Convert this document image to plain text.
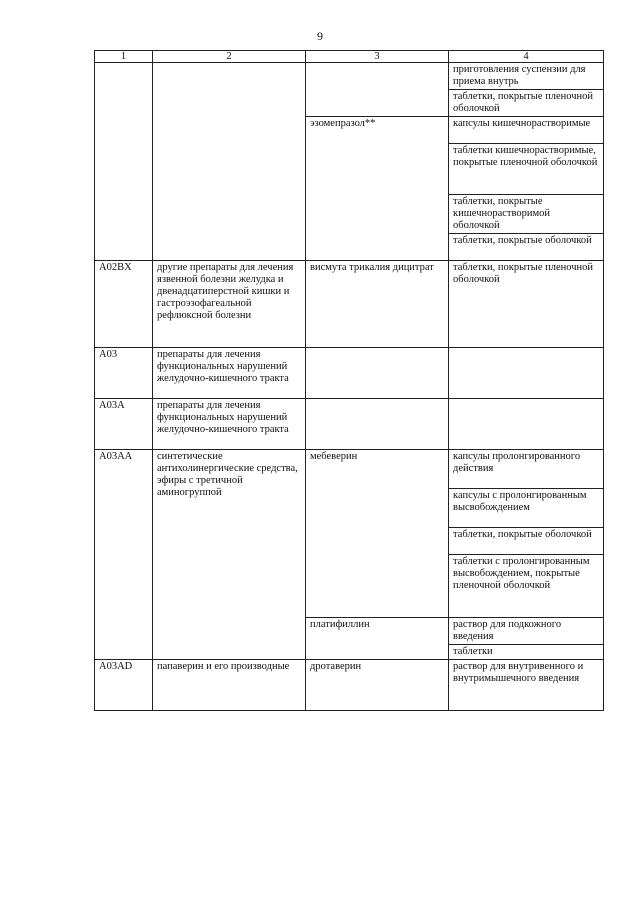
9
1	2	3	4
			приготовления суспензии для приема внутрь
			таблетки, покрытые пленочной оболочкой
		эзомепразол**	капсулы кишечнорастворимые
			таблетки кишечнорастворимые, покрытые пленочной оболочкой
			таблетки, покрытые кишечнорастворимой оболочкой
			таблетки, покрытые оболочкой
A02BX	другие препараты для лечения язвенной болезни желудка и двенадцатиперстной кишки и гастроэзофагеальной рефлюксной болезни	висмута трикалия дицитрат	таблетки, покрытые пленочной оболочкой
A03	препараты для лечения функциональных нарушений желудочно-кишечного тракта		
A03A	препараты для лечения функциональных нарушений желудочно-кишечного тракта		
A03AA	синтетические антихолинергические средства, эфиры с третичной аминогруппой	мебеверин	капсулы пролонгированного действия
			капсулы с пролонгированным высвобождением
			таблетки, покрытые оболочкой
			таблетки с пролонгированным высвобождением, покрытые пленочной оболочкой
		платифиллин	раствор для подкожного введения
			таблетки
A03AD	папаверин и его производные	дротаверин	раствор для внутривенного и внутримышечного введения
